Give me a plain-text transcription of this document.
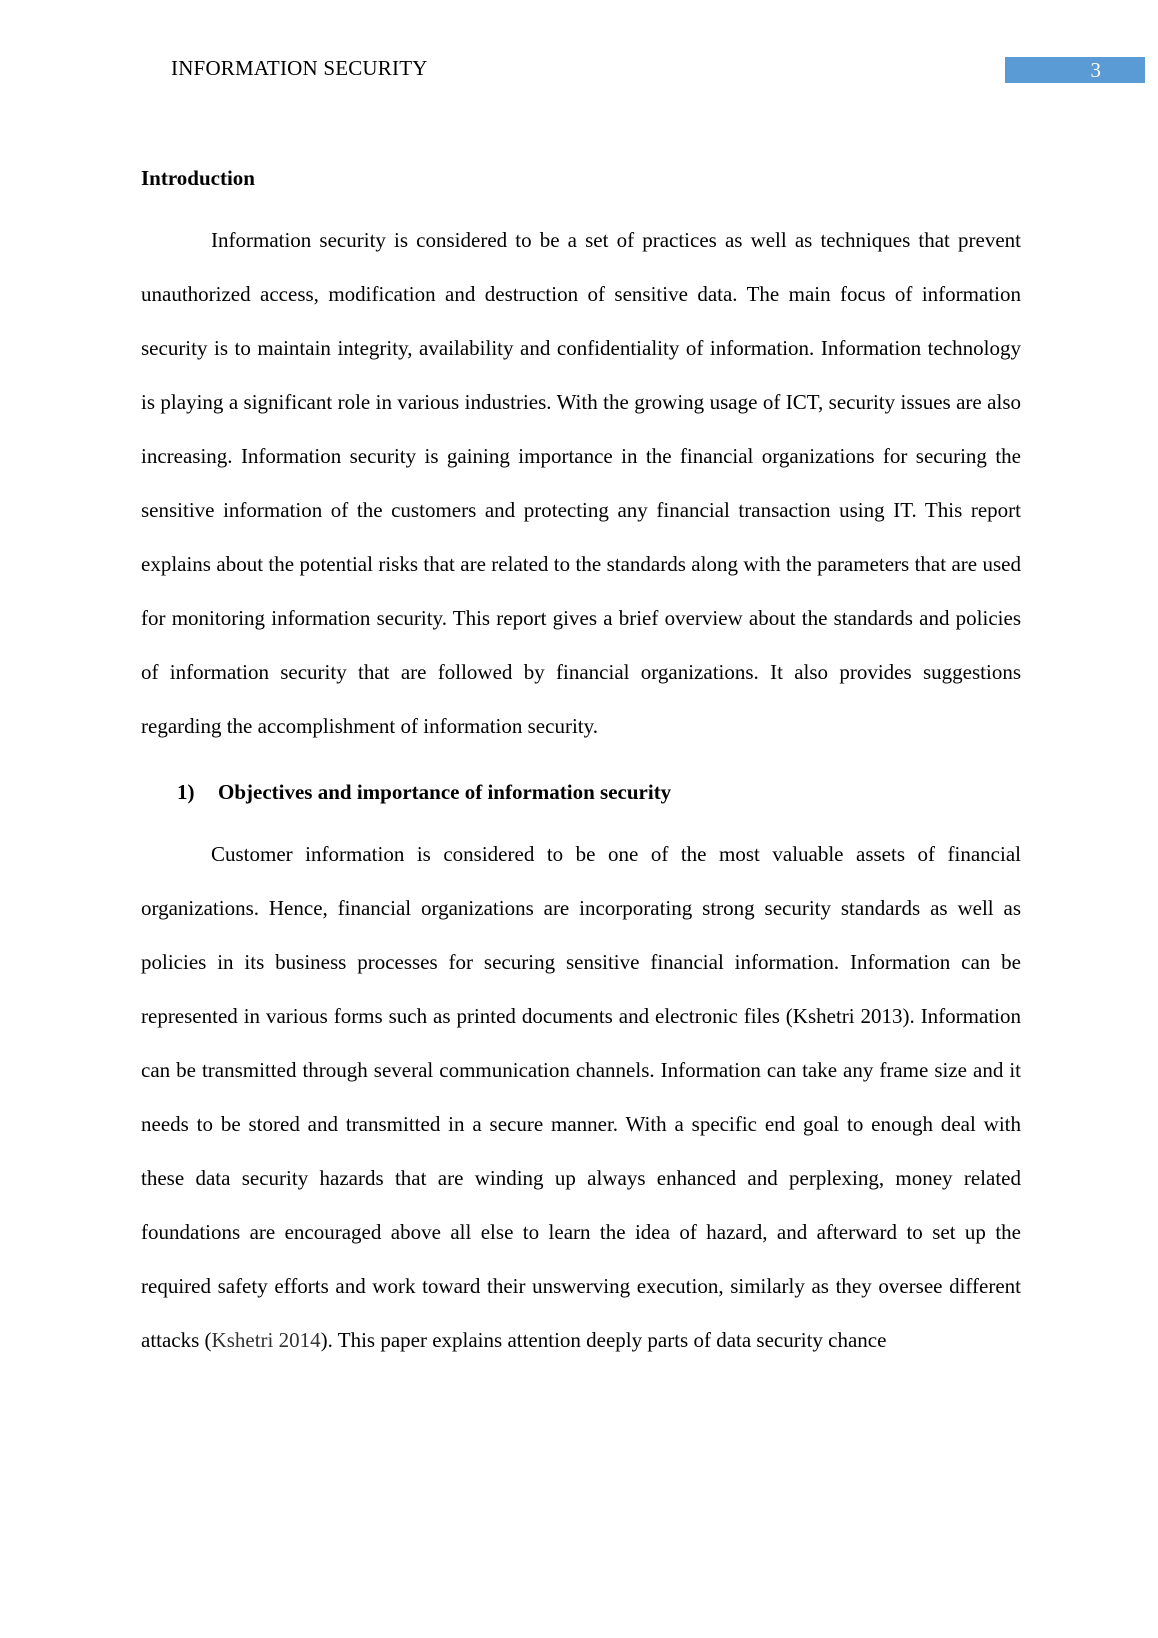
INFORMATION SECURITY	3
Introduction

Information security is considered to be a set of practices as well as techniques that prevent unauthorized access, modification and destruction of sensitive data. The main focus of information security is to maintain integrity, availability and confidentiality of information. Information technology is playing a significant role in various industries. With the growing usage of ICT, security issues are also increasing. Information security is gaining importance in the financial organizations for securing the sensitive information of the customers and protecting any financial transaction using IT. This report explains about the potential risks that are related to the standards along with the parameters that are used for monitoring information security. This report gives a brief overview about the standards and policies of information security that are followed by financial organizations. It also provides suggestions regarding the accomplishment of information security.

1) Objectives and importance of information security

Customer information is considered to be one of the most valuable assets of financial organizations. Hence, financial organizations are incorporating strong security standards as well as policies in its business processes for securing sensitive financial information. Information can be represented in various forms such as printed documents and electronic files (Kshetri 2013). Information can be transmitted through several communication channels. Information can take any frame size and it needs to be stored and transmitted in a secure manner. With a specific end goal to enough deal with these data security hazards that are winding up always enhanced and perplexing, money related foundations are encouraged above all else to learn the idea of hazard, and afterward to set up the required safety efforts and work toward their unswerving execution, similarly as they oversee different attacks (Kshetri 2014). This paper explains attention deeply parts of data security chance
